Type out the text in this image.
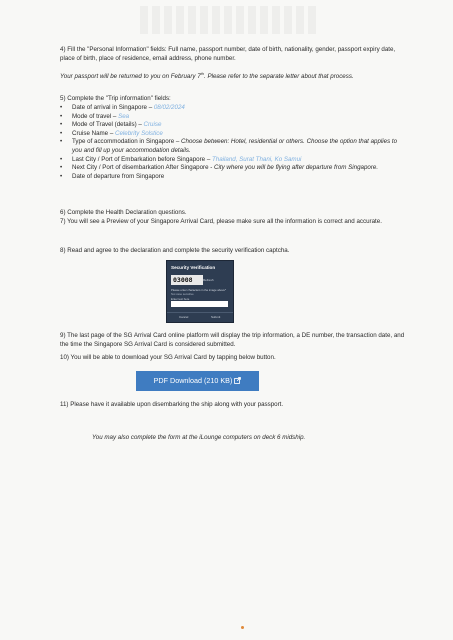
4) Fill the "Personal Information" fields: Full name, passport number, date of birth, nationality, gender, passport expiry date, place of birth, place of residence, email address, phone number.
Your passport will be returned to you on February 7th. Please refer to the separate letter about that process.
5) Complete the "Trip information" fields:
• Date of arrival in Singapore – 08/02/2024
• Mode of travel – Sea
• Mode of Travel (details) – Cruise
• Cruise Name – Celebrity Solstice
• Type of accommodation in Singapore – Choose between: Hotel, residential or others. Choose the option that applies to you and fill up your accommodation details.
• Last City / Port of Embarkation before Singapore – Thailand, Surat Thani, Ko Samui
• Next City / Port of disembarkation After Singapore - City where you will be flying after departure from Singapore.
• Date of departure from Singapore
6) Complete the Health Declaration questions.
7) You will see a Preview of your Singapore Arrival Card, please make sure all the information is correct and accurate.
8) Read and agree to the declaration and complete the security verification captcha.
Security Verification
03008	Refresh
Please enter characters in the image above*
Not case sensitive
Enter text here
Cancel	Submit
9) The last page of the SG Arrival Card online platform will display the trip information, a DE number, the transaction date, and the time the Singapore SG Arrival Card is considered submitted.
10) You will be able to download your SG Arrival Card by tapping below button.
PDF Download (210 KB)
11) Please have it available upon disembarking the ship along with your passport.
You may also complete the form at the iLounge computers on deck 6 midship.
